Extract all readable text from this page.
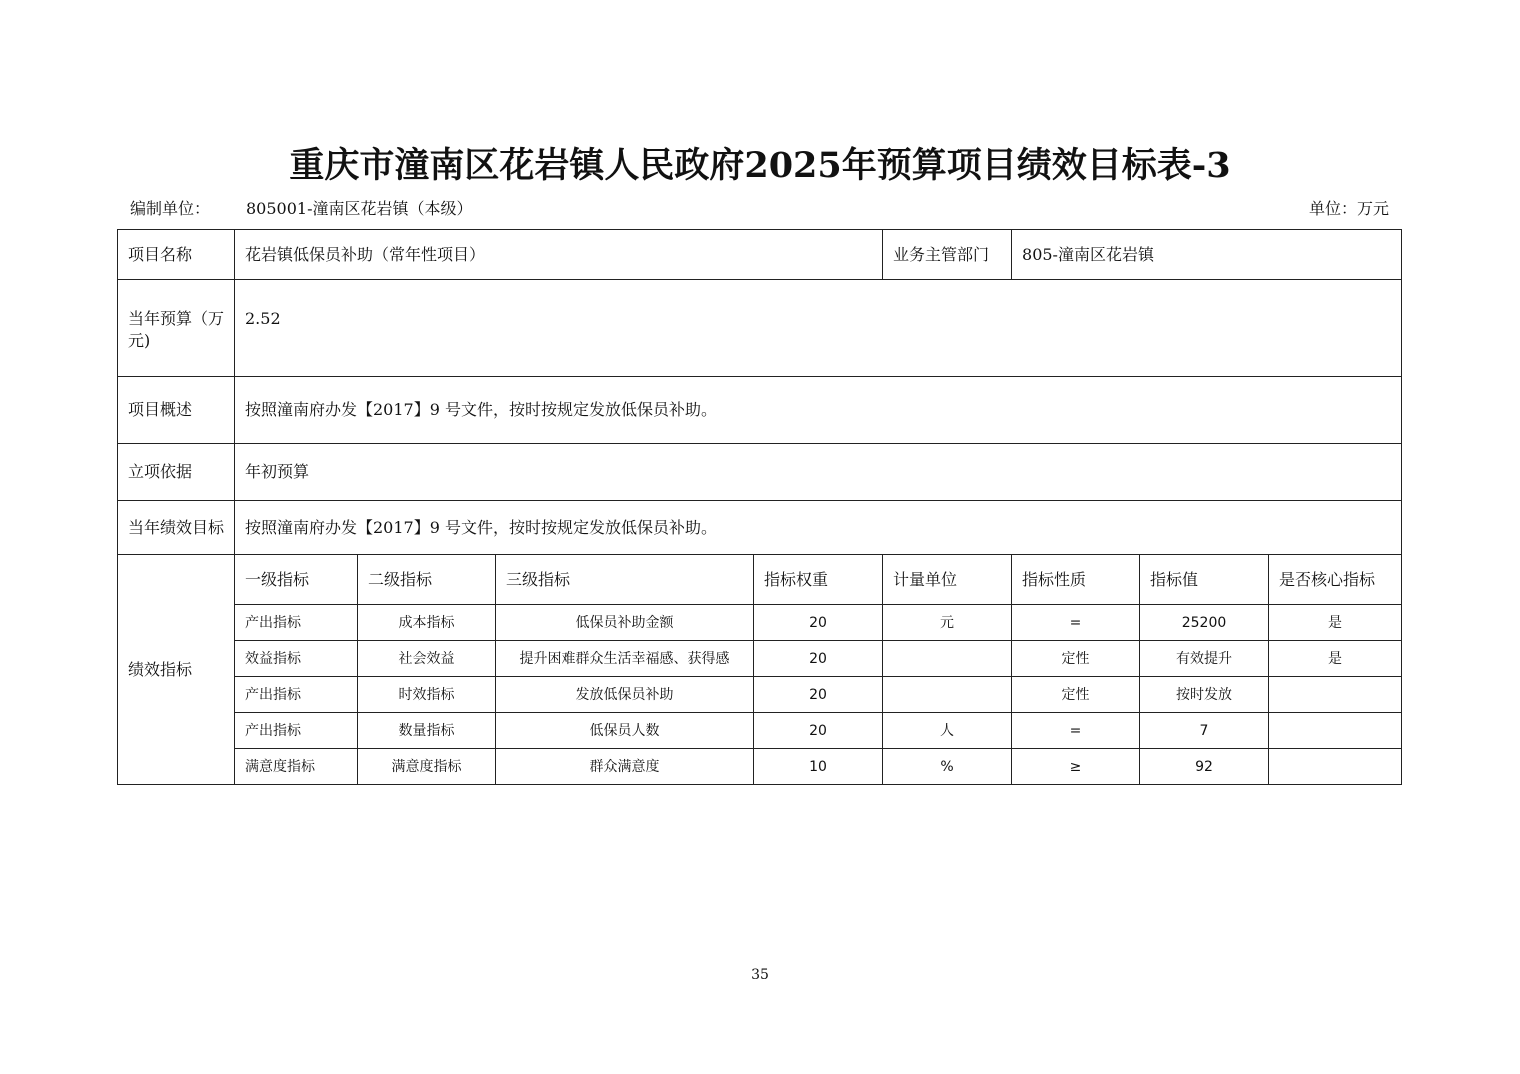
重庆市潼南区花岩镇人民政府2025年预算项目绩效目标表-3
编制单位： 805001-潼南区花岩镇（本级）	单位：万元
项目名称	花岩镇低保员补助（常年性项目）				业务主管部门	805-潼南区花岩镇		
当年预算（万元)	2.52							
项目概述	按照潼南府办发【2017】9 号文件，按时按规定发放低保员补助。							
立项依据	年初预算							
当年绩效目标	按照潼南府办发【2017】9 号文件，按时按规定发放低保员补助。							
绩效指标	一级指标	二级指标	三级指标	指标权重	计量单位	指标性质	指标值	是否核心指标
	产出指标	成本指标	低保员补助金额	20	元	=	25200	是
	效益指标	社会效益	提升困难群众生活幸福感、获得感	20		定性	有效提升	是
	产出指标	时效指标	发放低保员补助	20		定性	按时发放	
	产出指标	数量指标	低保员人数	20	人	=	7	
	满意度指标	满意度指标	群众满意度	10	%	≥	92	
35
